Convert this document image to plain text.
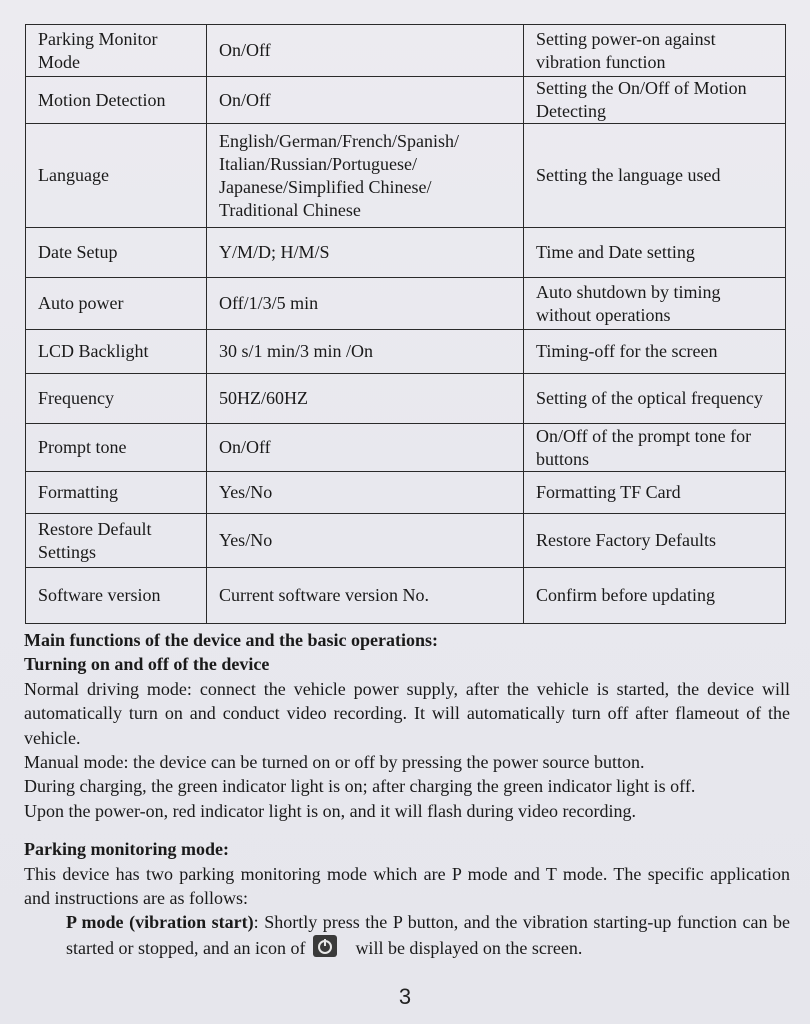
Parking Monitor Mode	On/Off	Setting power-on against vibration function
Motion Detection	On/Off	Setting the On/Off of Motion Detecting
Language	English/German/French/Spanish/ Italian/Russian/Portuguese/ Japanese/Simplified Chinese/ Traditional Chinese	Setting the language used
Date Setup	Y/M/D; H/M/S	Time and Date setting
Auto power	Off/1/3/5 min	Auto shutdown by timing without operations
LCD Backlight	30 s/1 min/3 min /On	Timing-off for the screen
Frequency	50HZ/60HZ	Setting of the optical frequency
Prompt tone	On/Off	On/Off of the prompt tone for buttons
Formatting	Yes/No	Formatting TF Card
Restore Default Settings	Yes/No	Restore Factory Defaults
Software version	Current software version No.	Confirm before updating

Main functions of the device and the basic operations:

Turning on and off of the device

Normal driving mode: connect the vehicle power supply, after the vehicle is started, the device will automatically turn on and conduct video recording. It will automatically turn off after flameout of the vehicle.

Manual mode: the device can be turned on or off by pressing the power source button.

During charging, the green indicator light is on; after charging the green indicator light is off.

Upon the power-on, red indicator light is on, and it will flash during video recording.

Parking monitoring mode:

This device has two parking monitoring mode which are P mode and T mode. The specific application and instructions are as follows:

P mode (vibration start): Shortly press the P button, and the vibration starting-up function can be started or stopped, and an icon of	will be displayed on the screen.

3
